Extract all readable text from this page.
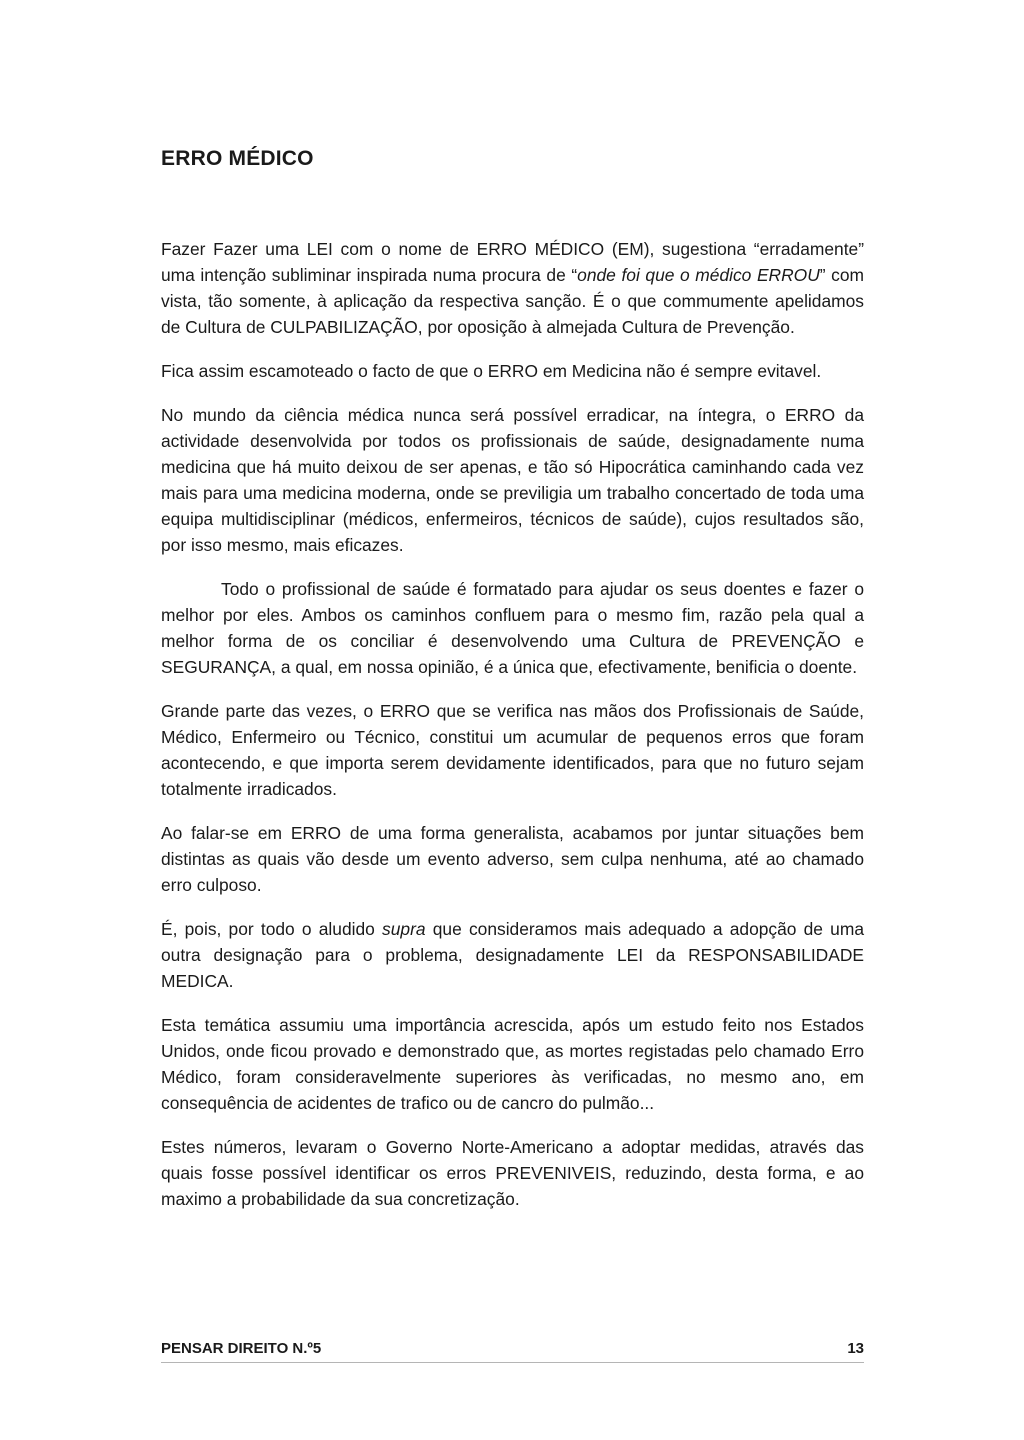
ERRO MÉDICO

Fazer Fazer uma LEI com o nome de ERRO MÉDICO (EM), sugestiona “erradamente” uma intenção subliminar inspirada numa procura de “onde foi que o médico ERROU” com vista, tão somente, à aplicação da respectiva sanção. É o que commumente apelidamos de Cultura de CULPABILIZAÇÃO, por oposição à almejada Cultura de Prevenção.

Fica assim escamoteado o facto de que o ERRO em Medicina não é sempre evitavel.

No mundo da ciência médica nunca será possível erradicar, na íntegra, o ERRO da actividade desenvolvida por todos os profissionais de saúde, designadamente numa medicina que há muito deixou de ser apenas, e tão só Hipocrática caminhando cada vez mais para uma medicina moderna, onde se previligia um trabalho concertado de toda uma equipa multidisciplinar (médicos, enfermeiros, técnicos de saúde), cujos resultados são, por isso mesmo, mais eficazes.

Todo o profissional de saúde é formatado para ajudar os seus doentes e fazer o melhor por eles. Ambos os caminhos confluem para o mesmo fim, razão pela qual a melhor forma de os conciliar é desenvolvendo uma Cultura de PREVENÇÃO e SEGURANÇA, a qual, em nossa opinião, é a única que, efectivamente, benificia o doente.

Grande parte das vezes, o ERRO que se verifica nas mãos dos Profissionais de Saúde, Médico, Enfermeiro ou Técnico, constitui um acumular de pequenos erros que foram acontecendo, e que importa serem devidamente identificados, para que no futuro sejam totalmente irradicados.

Ao falar-se em ERRO de uma forma generalista, acabamos por juntar situações bem distintas as quais vão desde um evento adverso, sem culpa nenhuma, até ao chamado erro culposo.

É, pois, por todo o aludido supra que consideramos mais adequado a adopção de uma outra designação para o problema, designadamente LEI da RESPONSABILIDADE MEDICA.

Esta temática assumiu uma importância acrescida, após um estudo feito nos Estados Unidos, onde ficou provado e demonstrado que, as mortes registadas pelo chamado Erro Médico, foram consideravelmente superiores às verificadas, no mesmo ano, em consequência de acidentes de trafico ou de cancro do pulmão...

Estes números, levaram o Governo Norte-Americano a adoptar medidas, através das quais fosse possível identificar os erros PREVENIVEIS, reduzindo, desta forma, e ao maximo a probabilidade da sua concretização.

PENSAR DIREITO N.º5	13
